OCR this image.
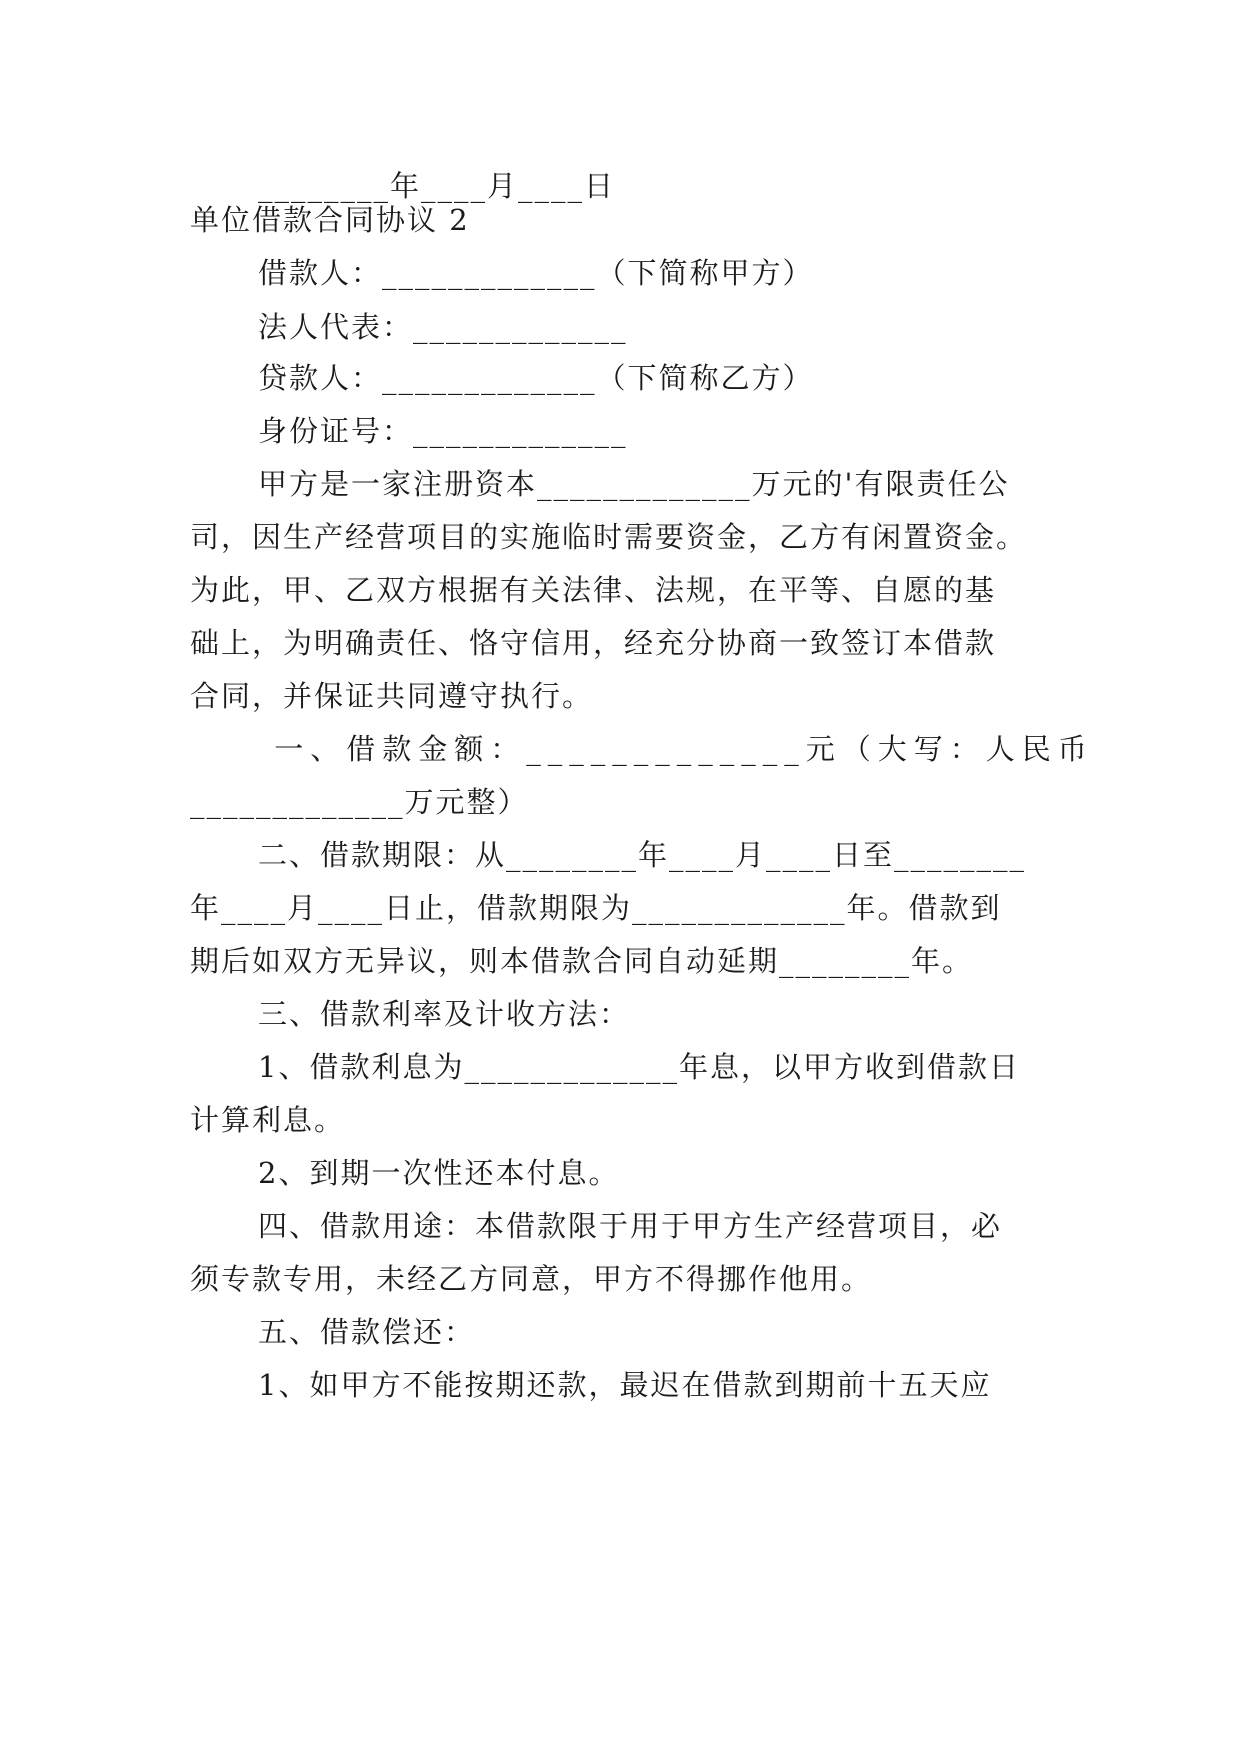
________年____月____日
单位借款合同协议 2
借款人：_____________（下简称甲方）
法人代表：_____________
贷款人：_____________（下简称乙方）
身份证号：_____________
甲方是一家注册资本_____________万元的'有限责任公
司，因生产经营项目的实施临时需要资金，乙方有闲置资金。
为此，甲、乙双方根据有关法律、法规，在平等、自愿的基
础上，为明确责任、恪守信用，经充分协商一致签订本借款
合同，并保证共同遵守执行。
一、借款金额：_____________元（大写：人民币
_____________万元整）
二、借款期限：从________年____月____日至________
年____月____日止，借款期限为_____________年。借款到
期后如双方无异议，则本借款合同自动延期________年。
三、借款利率及计收方法：
1、借款利息为_____________年息，以甲方收到借款日
计算利息。
2、到期一次性还本付息。
四、借款用途：本借款限于用于甲方生产经营项目，必
须专款专用，未经乙方同意，甲方不得挪作他用。
五、借款偿还：
1、如甲方不能按期还款，最迟在借款到期前十五天应
